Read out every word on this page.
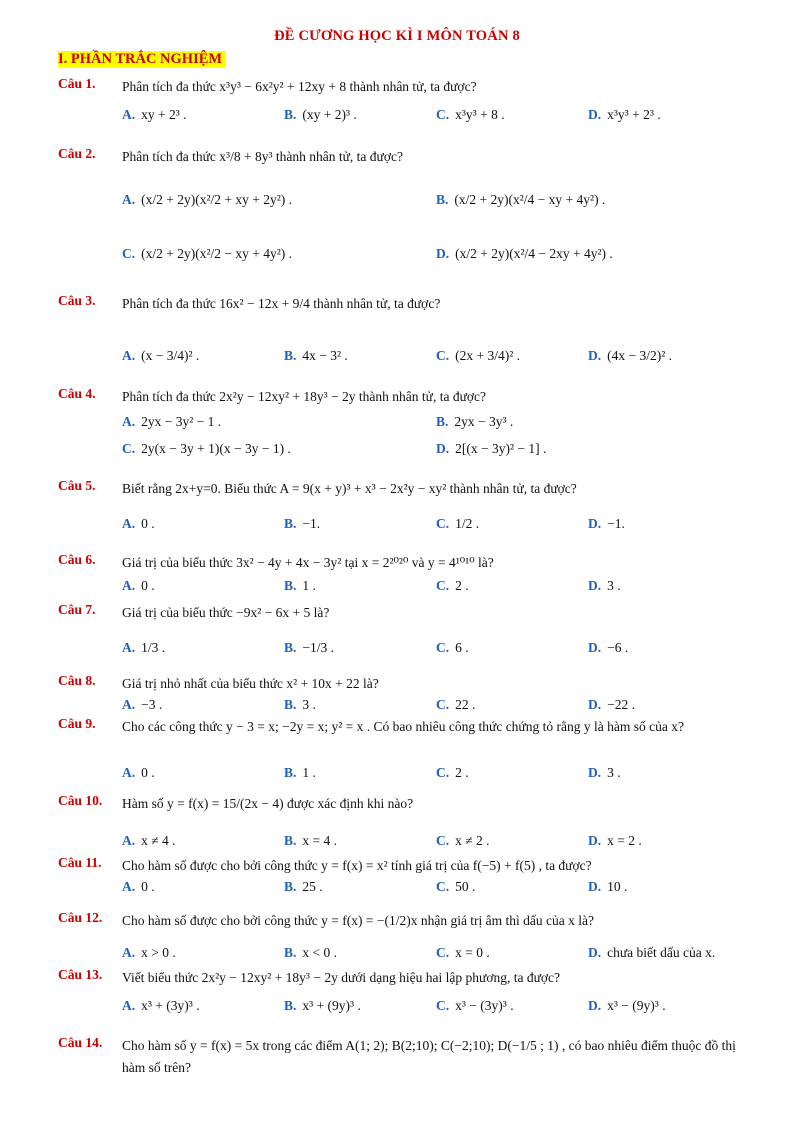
ĐỀ CƯƠNG HỌC KÌ I MÔN TOÁN 8
I. PHẦN TRẮC NGHIỆM
Câu 1. Phân tích đa thức x³y³ − 6x²y² + 12xy + 8 thành nhân tử, ta được?
A. xy + 2³ .	B. (xy + 2)³ .	C. x³y³ + 8 .	D. x³y³ + 2³ .
Câu 2. Phân tích đa thức x³/8 + 8y³ thành nhân tử, ta được?
A. (x/2 + 2y)(x²/2 + xy + 2y²) .	B. (x/2 + 2y)(x²/4 − xy + 4y²) .
C. (x/2 + 2y)(x²/2 − xy + 4y²) .	D. (x/2 + 2y)(x²/4 − 2xy + 4y²) .
Câu 3. Phân tích đa thức 16x² − 12x + 9/4 thành nhân tử, ta được?
A. (x − 3/4)² .	B. 4x − 3² .	C. (2x + 3/4)² .	D. (4x − 3/2)² .
Câu 4. Phân tích đa thức 2x²y − 12xy² + 18y³ − 2y thành nhân tử, ta được?
A. 2yx − 3y² − 1 .	B. 2yx − 3y³ .
C. 2y(x − 3y + 1)(x − 3y − 1) .	D. 2[(x − 3y)² − 1] .
Câu 5. Biết rằng 2x+y=0. Biểu thức A = 9(x + y)³ + x³ − 2x²y − xy² thành nhân tử, ta được?
A. 0 .	B. −1.	C. 1/2 .	D. −1.
Câu 6. Giá trị của biểu thức 3x² − 4y + 4x − 3y² tại x = 2²⁰²⁰ và y = 4¹⁰¹⁰ là?
A. 0 .	B. 1 .	C. 2 .	D. 3 .
Câu 7. Giá trị của biểu thức −9x² − 6x + 5 là?
A. 1/3 .	B. −1/3 .	C. 6 .	D. −6 .
Câu 8. Giá trị nhỏ nhất của biểu thức x² + 10x + 22 là?
A. −3 .	B. 3 .	C. 22 .	D. −22 .
Câu 9. Cho các công thức y − 3 = x; −2y = x; y² = x . Có bao nhiêu công thức chứng tỏ rằng y là hàm số của x?
A. 0 .	B. 1 .	C. 2 .	D. 3 .
Câu 10. Hàm số y = f(x) = 15/(2x − 4) được xác định khi nào?
A. x ≠ 4 .	B. x = 4 .	C. x ≠ 2 .	D. x = 2 .
Câu 11. Cho hàm số được cho bởi công thức y = f(x) = x² tính giá trị của f(−5) + f(5) , ta được?
A. 0 .	B. 25 .	C. 50 .	D. 10 .
Câu 12. Cho hàm số được cho bởi công thức y = f(x) = −(1/2)x nhận giá trị âm thì dấu của x là?
A. x > 0 .	B. x < 0 .	C. x = 0 .	D. chưa biết dấu của x.
Câu 13. Viết biểu thức 2x²y − 12xy² + 18y³ − 2y dưới dạng hiệu hai lập phương, ta được?
A. x³ + (3y)³ .	B. x³ + (9y)³ .	C. x³ − (3y)³ .	D. x³ − (9y)³ .
Câu 14. Cho hàm số y = f(x) = 5x trong các điểm A(1; 2); B(2;10); C(−2;10); D(−1/5 ; 1) , có bao nhiêu điểm thuộc đồ thị hàm số trên?
